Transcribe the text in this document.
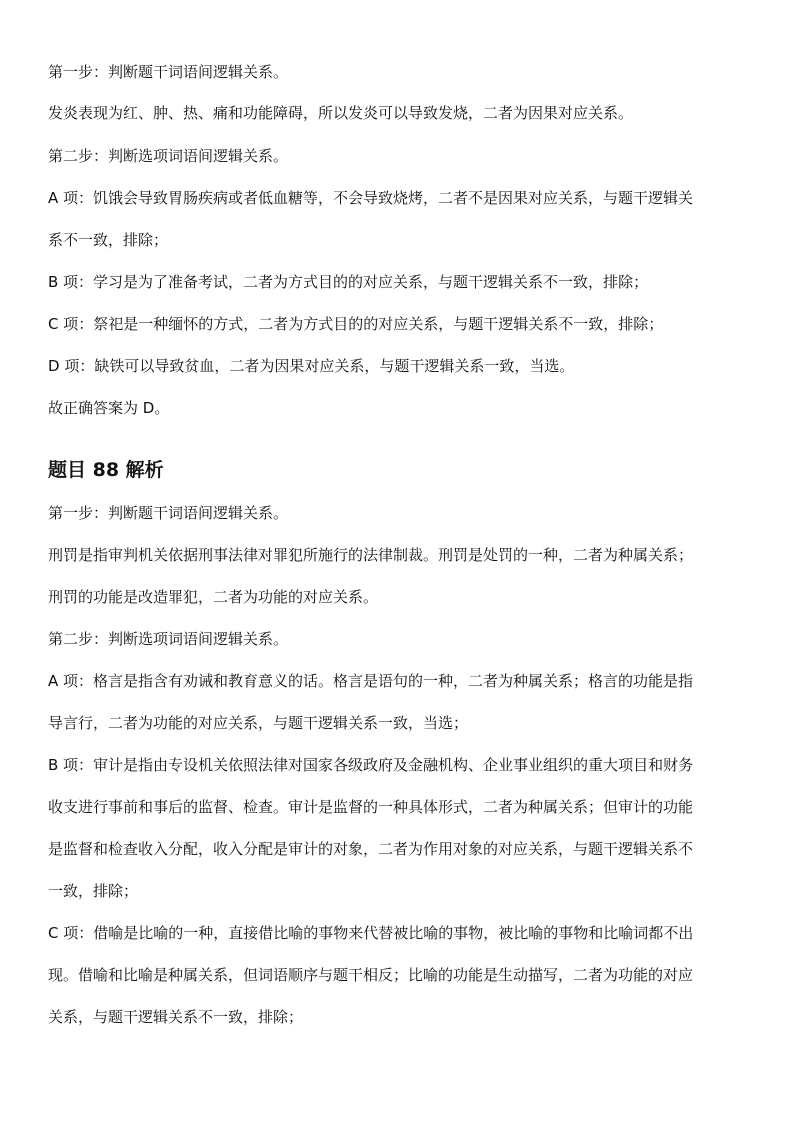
第一步：判断题干词语间逻辑关系。
发炎表现为红、肿、热、痛和功能障碍，所以发炎可以导致发烧，二者为因果对应关系。
第二步：判断选项词语间逻辑关系。
A 项：饥饿会导致胃肠疾病或者低血糖等，不会导致烧烤，二者不是因果对应关系，与题干逻辑关
系不一致，排除；
B 项：学习是为了准备考试，二者为方式目的的对应关系，与题干逻辑关系不一致，排除；
C 项：祭祀是一种缅怀的方式，二者为方式目的的对应关系，与题干逻辑关系不一致，排除；
D 项：缺铁可以导致贫血，二者为因果对应关系，与题干逻辑关系一致，当选。
故正确答案为 D。
题目 88 解析
第一步：判断题干词语间逻辑关系。
刑罚是指审判机关依据刑事法律对罪犯所施行的法律制裁。刑罚是处罚的一种，二者为种属关系；
刑罚的功能是改造罪犯，二者为功能的对应关系。
第二步：判断选项词语间逻辑关系。
A 项：格言是指含有劝诫和教育意义的话。格言是语句的一种，二者为种属关系；格言的功能是指
导言行，二者为功能的对应关系，与题干逻辑关系一致，当选；
B 项：审计是指由专设机关依照法律对国家各级政府及金融机构、企业事业组织的重大项目和财务
收支进行事前和事后的监督、检查。审计是监督的一种具体形式，二者为种属关系；但审计的功能
是监督和检查收入分配，收入分配是审计的对象，二者为作用对象的对应关系，与题干逻辑关系不
一致，排除；
C 项：借喻是比喻的一种，直接借比喻的事物来代替被比喻的事物，被比喻的事物和比喻词都不出
现。借喻和比喻是种属关系，但词语顺序与题干相反；比喻的功能是生动描写，二者为功能的对应
关系，与题干逻辑关系不一致，排除；
